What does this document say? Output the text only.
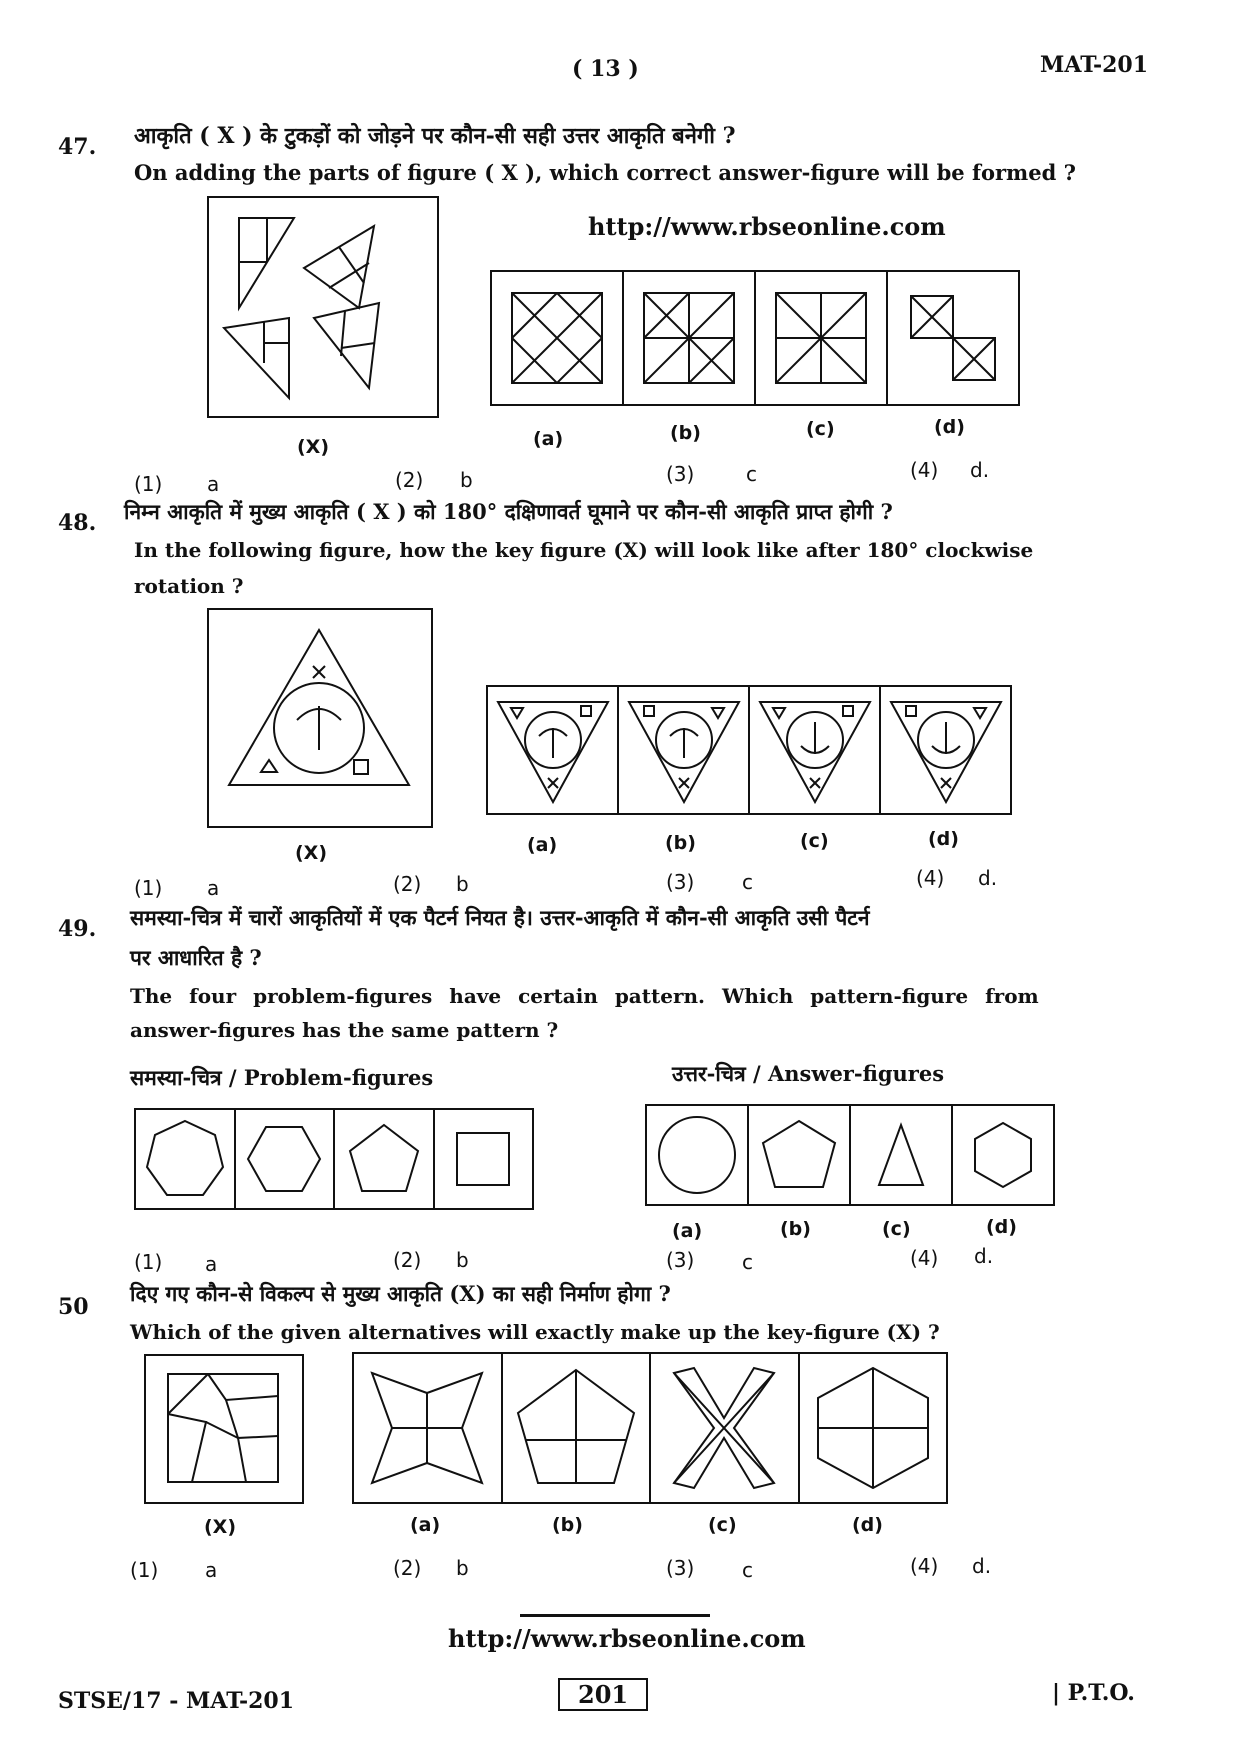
( 13 )	MAT-201
47. आकृति ( X ) के टुकड़ों को जोड़ने पर कौन-सी सही उत्तर आकृति बनेगी ?
On adding the parts of figure ( X ), which correct answer-figure will be formed ?
http://www.rbseonline.com
(X)	(a)	(b)	(c)	(d)
(1) a	(2) b	(3)	c	(4) d.
48. निम्न आकृति में मुख्य आकृति ( X ) को 180° दक्षिणावर्त घूमाने पर कौन-सी आकृति प्राप्त होगी ?
In the following figure, how the key figure (X) will look like after 180° clockwise
rotation ?
(X)	(a)	(b)	(c)	(d)
(1) a	(2) b	(3) c	(4) d.
49. समस्या-चित्र में चारों आकृतियों में एक पैटर्न नियत है। उत्तर-आकृति में कौन-सी आकृति उसी पैटर्न
पर आधारित है ?
The four problem-figures have certain pattern. Which pattern-figure from
answer-figures has the same pattern ?
समस्या-चित्र / Problem-figures	उत्तर-चित्र / Answer-figures
(a)	(b)	(c)	(d)
(1) a	(2) b	(3) c	(4) d.
50
दिए गए कौन-से विकल्प से मुख्य आकृति (X) का सही निर्माण होगा ?
Which of the given alternatives will exactly make up the key-figure (X) ?
(X)	(a)	(b)	(c)	(d)
(1) a	(2) b	(3) c	(4) d.
http://www.rbseonline.com
STSE/17 - MAT-201	201	| P.T.O.
